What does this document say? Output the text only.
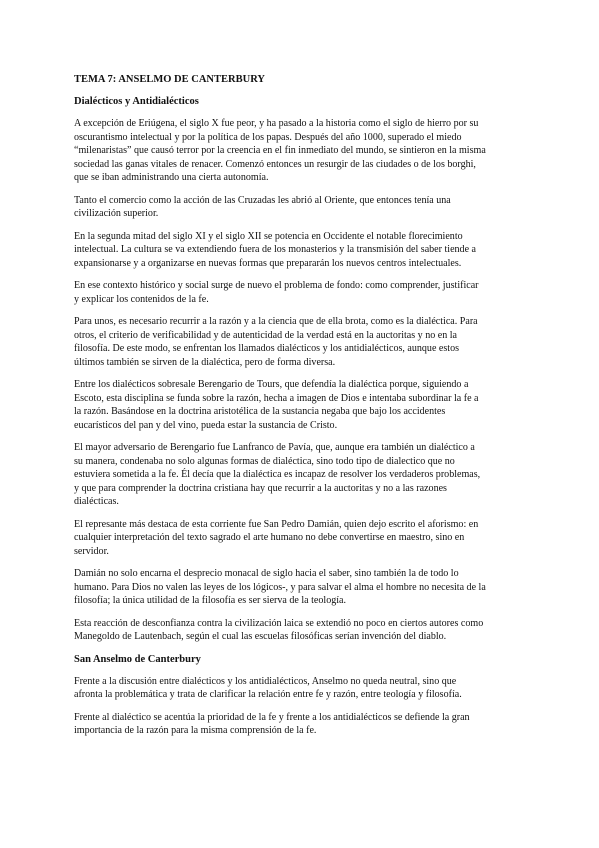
TEMA 7: ANSELMO DE CANTERBURY
Dialécticos y Antidialécticos
A excepción de Eriúgena, el siglo X fue peor, y ha pasado a la historia como el siglo de hierro por su
oscurantismo intelectual y por la política de los papas. Después del año 1000, superado el miedo
“milenaristas” que causó terror por la creencia en el fin inmediato del mundo, se sintieron en la misma
sociedad las ganas vitales de renacer. Comenzó entonces un resurgir de las ciudades o de los borghi,
que se iban administrando una cierta autonomía.
Tanto el comercio como la acción de las Cruzadas les abrió al Oriente, que entonces tenía una
civilización superior.
En la segunda mitad del siglo XI y el siglo XII se potencia en Occidente el notable florecimiento
intelectual. La cultura se va extendiendo fuera de los monasterios y la transmisión del saber tiende a
expansionarse y a organizarse en nuevas formas que prepararán los nuevos centros intelectuales.
En ese contexto histórico y social surge de nuevo el problema de fondo: como comprender, justificar
y explicar los contenidos de la fe.
Para unos, es necesario recurrir a la razón y a la ciencia que de ella brota, como es la dialéctica. Para
otros, el criterio de verificabilidad y de autenticidad de la verdad está en la auctoritas y no en la
filosofía. De este modo, se enfrentan los llamados dialécticos y los antidialécticos, aunque estos
últimos también se sirven de la dialéctica, pero de forma diversa.
Entre los dialécticos sobresale Berengario de Tours, que defendía la dialéctica porque, siguiendo a
Escoto, esta disciplina se funda sobre la razón, hecha a imagen de Dios e intentaba subordinar la fe a
la razón. Basándose en la doctrina aristotélica de la sustancia negaba que bajo los accidentes
eucarísticos del pan y del vino, pueda estar la sustancia de Cristo.
El mayor adversario de Berengario fue Lanfranco de Pavía, que, aunque era también un dialéctico a
su manera, condenaba no solo algunas formas de dialéctica, sino todo tipo de dialectico que no
estuviera sometida a la fe. Él decía que la dialéctica es incapaz de resolver los verdaderos problemas,
y que para comprender la doctrina cristiana hay que recurrir a la auctoritas y no a las razones
dialécticas.
El represante más destaca de esta corriente fue San Pedro Damián, quien dejo escrito el aforismo: en
cualquier interpretación del texto sagrado el arte humano no debe convertirse en maestro, sino en
servidor.
Damián no solo encarna el desprecio monacal de siglo hacia el saber, sino también la de todo lo
humano. Para Dios no valen las leyes de los lógicos-, y para salvar el alma el hombre no necesita de la
filosofía; la única utilidad de la filosofía es ser sierva de la teología.
Esta reacción de desconfianza contra la civilización laica se extendió no poco en ciertos autores como
Manegoldo de Lautenbach, según el cual las escuelas filosóficas serían invención del diablo.
San Anselmo de Canterbury
Frente a la discusión entre dialécticos y los antidialécticos, Anselmo no queda neutral, sino que
afronta la problemática y trata de clarificar la relación entre fe y razón, entre teología y filosofía.
Frente al dialéctico se acentúa la prioridad de la fe y frente a los antidialécticos se defiende la gran
importancia de la razón para la misma comprensión de la fe.
